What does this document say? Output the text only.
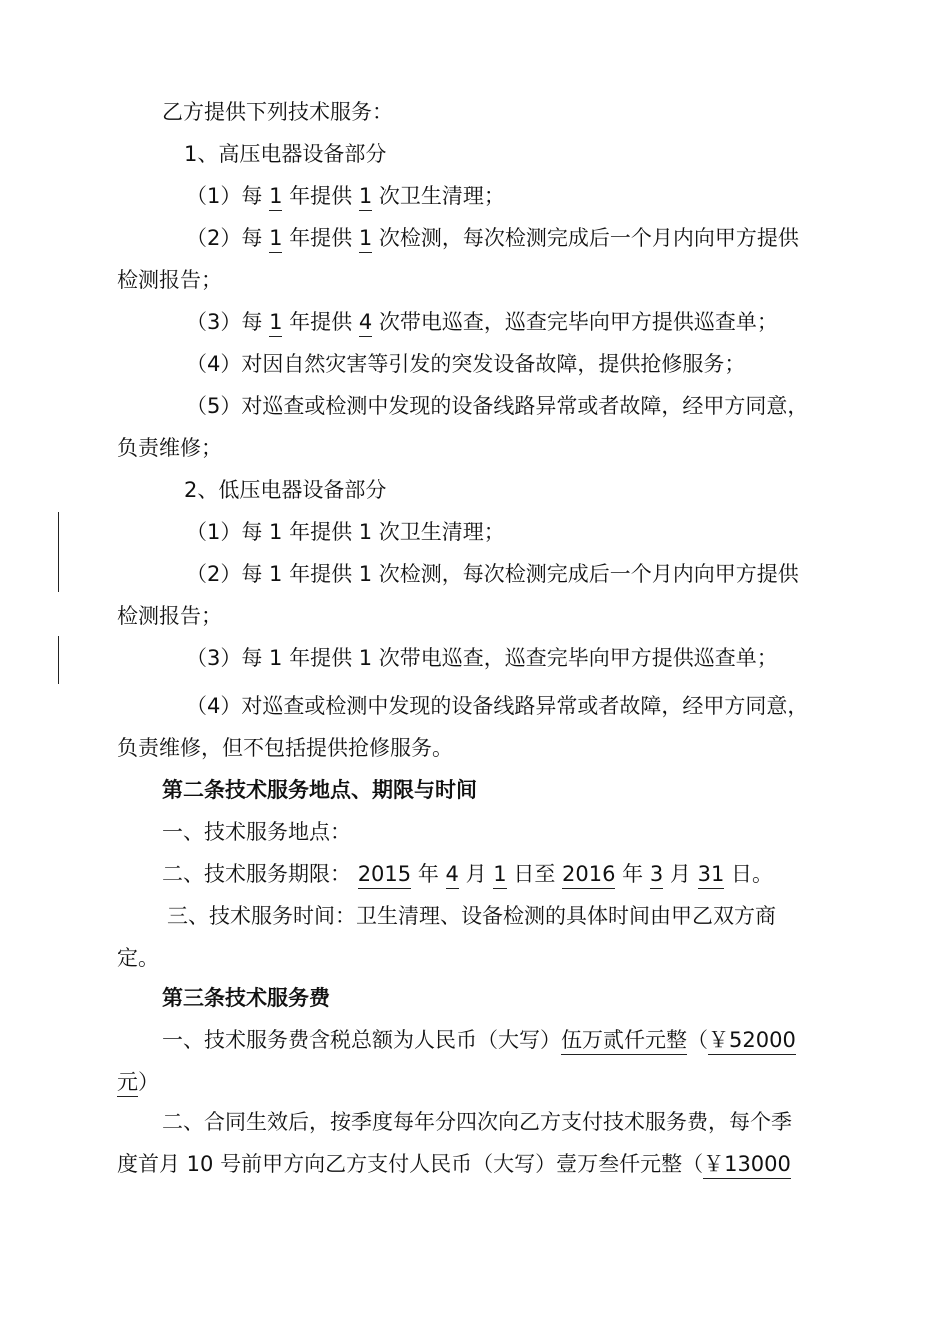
乙方提供下列技术服务：
1、高压电器设备部分
（1）每 1 年提供 1 次卫生清理；
（2）每 1 年提供 1 次检测，每次检测完成后一个月内向甲方提供
检测报告；
（3）每 1 年提供 4 次带电巡查，巡查完毕向甲方提供巡查单；
（4）对因自然灾害等引发的突发设备故障，提供抢修服务；
（5）对巡查或检测中发现的设备线路异常或者故障，经甲方同意，
负责维修；
2、低压电器设备部分
（1）每 1 年提供 1 次卫生清理；
（2）每 1 年提供 1 次检测，每次检测完成后一个月内向甲方提供
检测报告；
（3）每 1 年提供 1 次带电巡查，巡查完毕向甲方提供巡查单；
（4）对巡查或检测中发现的设备线路异常或者故障，经甲方同意，
负责维修，但不包括提供抢修服务。
第二条技术服务地点、期限与时间
一、技术服务地点：
二、技术服务期限： 2015 年 4 月 1 日至 2016 年 3 月 31 日。
三、技术服务时间：卫生清理、设备检测的具体时间由甲乙双方商
定。
第三条技术服务费
一、技术服务费含税总额为人民币（大写）伍万贰仟元整（￥52000
元）
二、合同生效后，按季度每年分四次向乙方支付技术服务费，每个季
度首月 10 号前甲方向乙方支付人民币（大写）壹万叁仟元整（￥13000
